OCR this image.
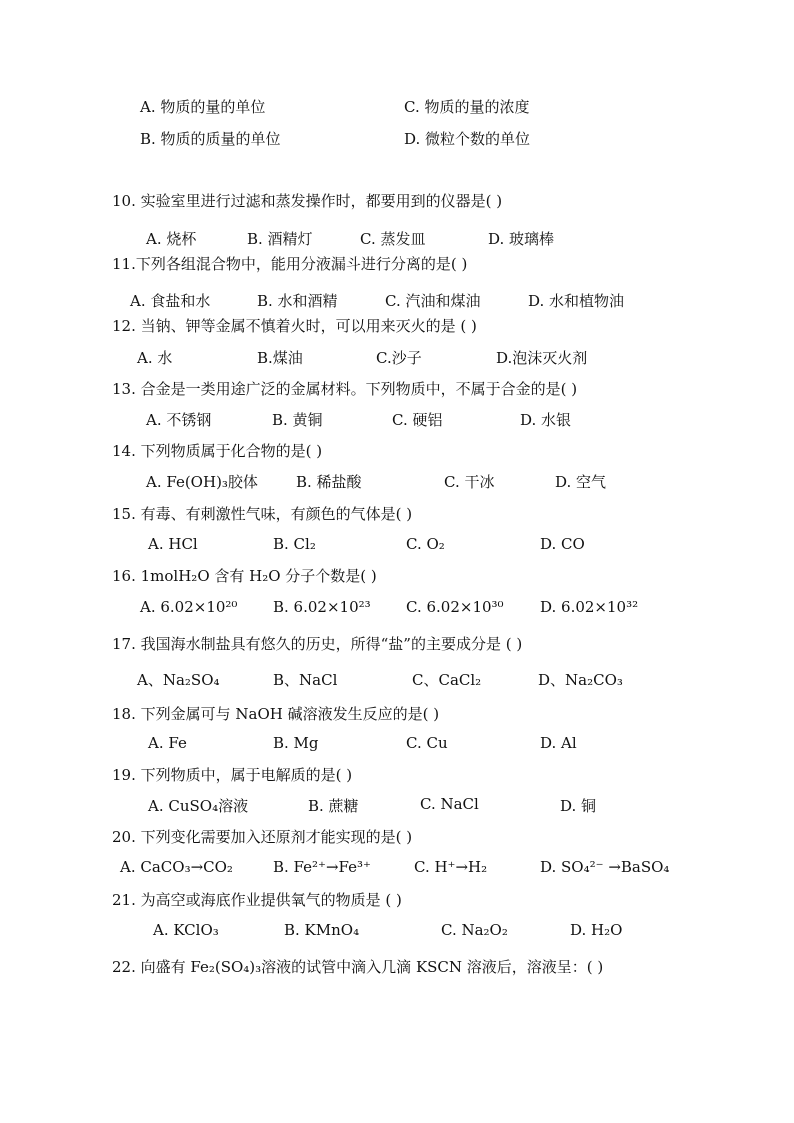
A. 物质的量的单位	C. 物质的量的浓度
B. 物质的质量的单位	D. 微粒个数的单位
10. 实验室里进行过滤和蒸发操作时，都要用到的仪器是( )
A. 烧杯	B. 酒精灯	C. 蒸发皿	D. 玻璃棒
11.下列各组混合物中，能用分液漏斗进行分离的是( )
A. 食盐和水	B. 水和酒精	C. 汽油和煤油	D. 水和植物油
12. 当钠、钾等金属不慎着火时，可以用来灭火的是 ( )
A. 水	B.煤油	C.沙子	D.泡沫灭火剂
13. 合金是一类用途广泛的金属材料。下列物质中，不属于合金的是( )
A. 不锈钢	B. 黄铜	C. 硬铝	D. 水银
14. 下列物质属于化合物的是( )
A. Fe(OH)₃胶体	B. 稀盐酸	C. 干冰	D. 空气
15. 有毒、有刺激性气味，有颜色的气体是( )
A. HCl	B. Cl₂	C. O₂	D. CO
16. 1molH₂O 含有 H₂O 分子个数是( )
A. 6.02×10²⁰ B. 6.02×10²³ C. 6.02×10³⁰ D. 6.02×10³²
17. 我国海水制盐具有悠久的历史，所得“盐”的主要成分是 ( )
A、Na₂SO₄	B、NaCl	C、CaCl₂	D、Na₂CO₃
18. 下列金属可与 NaOH 碱溶液发生反应的是( )
A. Fe	B. Mg	C. Cu	D. Al
19. 下列物质中，属于电解质的是( )
A. CuSO₄溶液	B. 蔗糖	C. NaCl	D. 铜
20. 下列变化需要加入还原剂才能实现的是( )
A. CaCO₃→CO₂	B. Fe²⁺→Fe³⁺	C. H⁺→H₂	D. SO₄²⁻ →BaSO₄
21. 为高空或海底作业提供氧气的物质是 ( )
A. KClO₃	B. KMnO₄	C. Na₂O₂	D. H₂O
22. 向盛有 Fe₂(SO₄)₃溶液的试管中滴入几滴 KSCN 溶液后，溶液呈：( )
